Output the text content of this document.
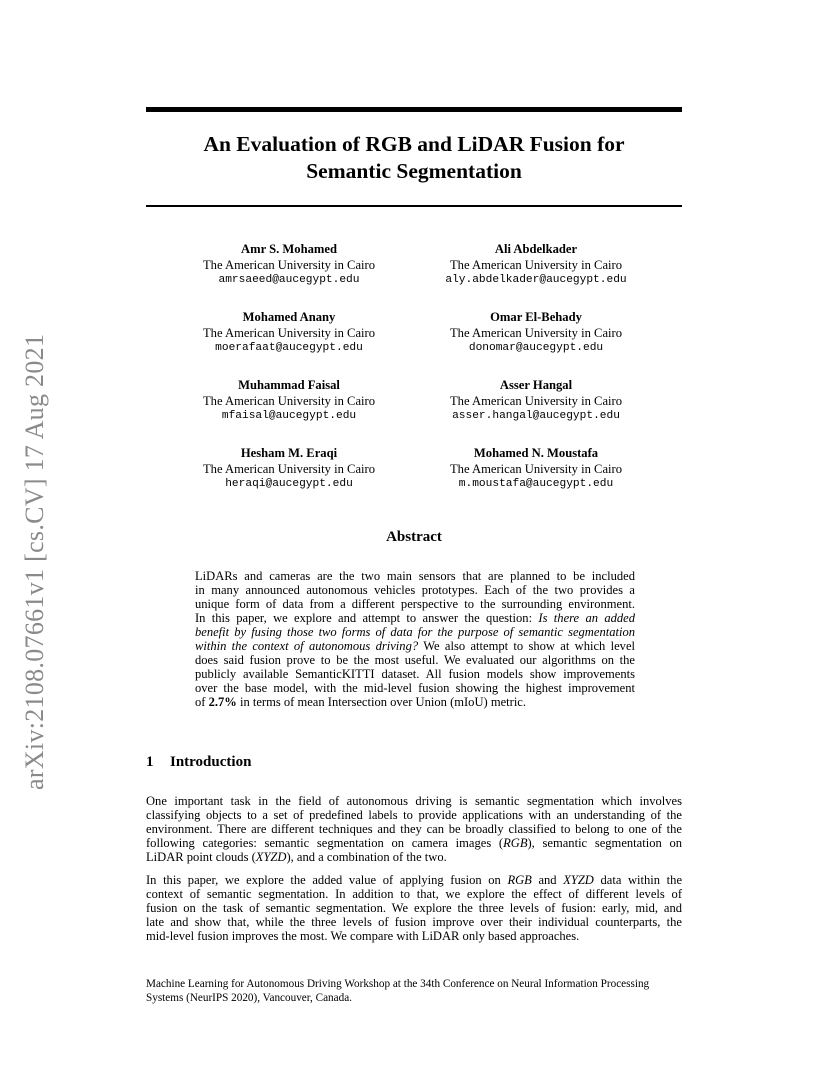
arXiv:2108.07661v1 [cs.CV] 17 Aug 2021
An Evaluation of RGB and LiDAR Fusion for
Semantic Segmentation
Amr S. Mohamed
The American University in Cairo
amrsaeed@aucegypt.edu
Ali Abdelkader
The American University in Cairo
aly.abdelkader@aucegypt.edu
Mohamed Anany
The American University in Cairo
moerafaat@aucegypt.edu
Omar El-Behady
The American University in Cairo
donomar@aucegypt.edu
Muhammad Faisal
The American University in Cairo
mfaisal@aucegypt.edu
Asser Hangal
The American University in Cairo
asser.hangal@aucegypt.edu
Hesham M. Eraqi
The American University in Cairo
heraqi@aucegypt.edu
Mohamed N. Moustafa
The American University in Cairo
m.moustafa@aucegypt.edu
Abstract
LiDARs and cameras are the two main sensors that are planned to be included
in many announced autonomous vehicles prototypes. Each of the two provides a
unique form of data from a different perspective to the surrounding environment.
In this paper, we explore and attempt to answer the question: Is there an added
benefit by fusing those two forms of data for the purpose of semantic segmentation
within the context of autonomous driving? We also attempt to show at which level
does said fusion prove to be the most useful. We evaluated our algorithms on the
publicly available SemanticKITTI dataset. All fusion models show improvements
over the base model, with the mid-level fusion showing the highest improvement
of 2.7% in terms of mean Intersection over Union (mIoU) metric.
1 Introduction
One important task in the field of autonomous driving is semantic segmentation which involves
classifying objects to a set of predefined labels to provide applications with an understanding of the
environment. There are different techniques and they can be broadly classified to belong to one of the
following categories: semantic segmentation on camera images (RGB), semantic segmentation on
LiDAR point clouds (XYZD), and a combination of the two.
In this paper, we explore the added value of applying fusion on RGB and XYZD data within the
context of semantic segmentation. In addition to that, we explore the effect of different levels of
fusion on the task of semantic segmentation. We explore the three levels of fusion: early, mid, and
late and show that, while the three levels of fusion improve over their individual counterparts, the
mid-level fusion improves the most. We compare with LiDAR only based approaches.
Machine Learning for Autonomous Driving Workshop at the 34th Conference on Neural Information Processing
Systems (NeurIPS 2020), Vancouver, Canada.
